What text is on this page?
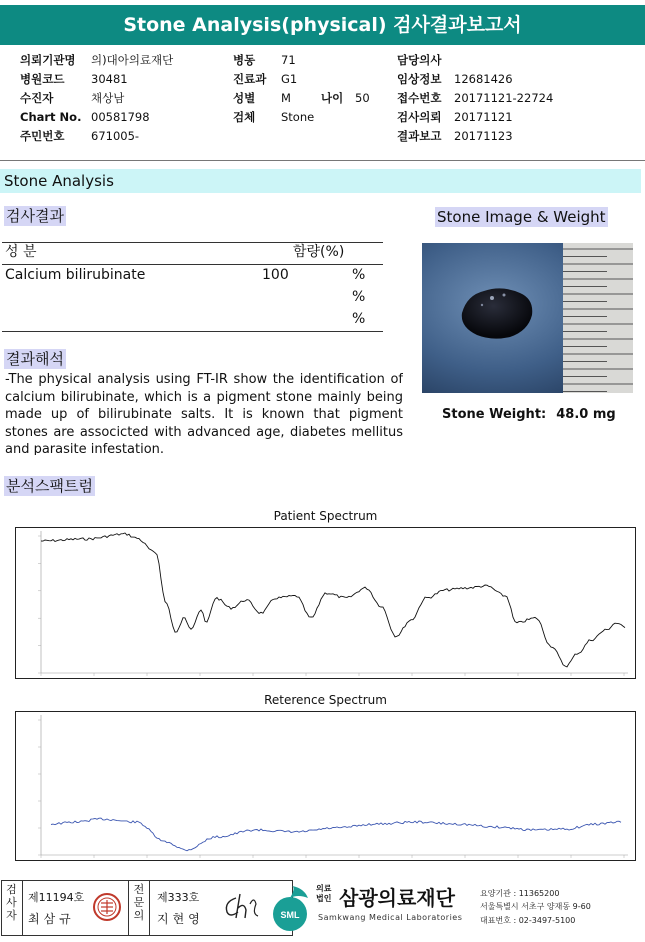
Stone Analysis(physical) 검사결과보고서
의뢰기관명	의)대아의료재단
병원코드	30481
수진자	채상남
Chart No. 00581798
주민번호	671005-
병동	71
진료과	G1
성별	M	나이	50
검체	Stone
담당의사
임상정보	12681426
접수번호	20171121-22724
검사의뢰	20171121
결과보고	20171123
Stone Analysis
검사결과
성 분	함량(%)
Calcium bilirubinate	100	%
%
%
결과해석
-The physical analysis using FT-IR show the identification of calcium bilirubinate, which is a pigment stone mainly being made up of bilirubinate salts. It is known that pigment stones are associcted with advanced age, diabetes mellitus and parasite infestation.
Stone Image & Weight
Stone Weight: 48.0 mg
분석스팩트럼
Patient Spectrum
Reterence Spectrum
검
사
자
제11194호
최삼규
전
문
의
제333호
지현영	SML
의료
법인 삼광의료재단
Samkwang Medical Laboratories
요양기관 : 11365200
서울특별시 서초구 양재동 9-60
대표번호 : 02-3497-5100
